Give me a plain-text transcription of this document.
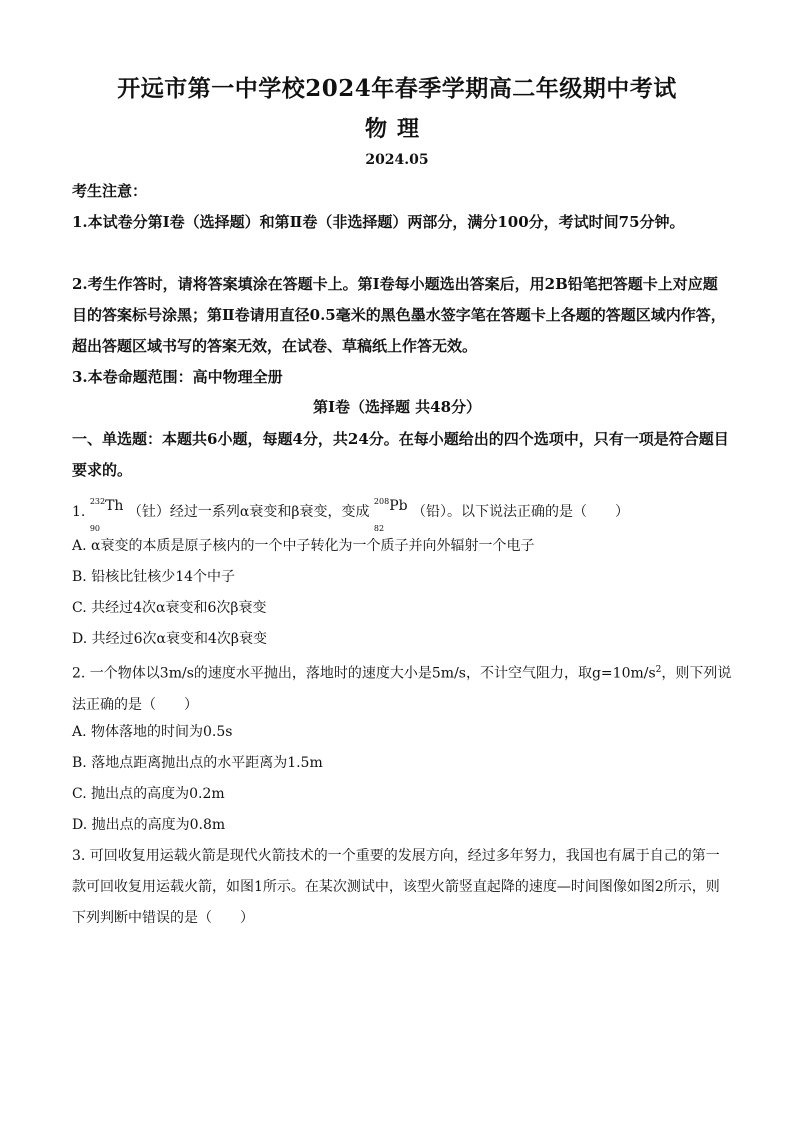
开远市第一中学校2024年春季学期高二年级期中考试
物理
2024.05
考生注意：
1.本试卷分第Ⅰ卷（选择题）和第Ⅱ卷（非选择题）两部分，满分100分，考试时间75分钟。
2.考生作答时，请将答案填涂在答题卡上。第Ⅰ卷每小题选出答案后，用2B铅笔把答题卡上对应题目的答案标号涂黑；第Ⅱ卷请用直径0.5毫米的黑色墨水签字笔在答题卡上各题的答题区域内作答，超出答题区域书写的答案无效，在试卷、草稿纸上作答无效。
3.本卷命题范围：高中物理全册
第Ⅰ卷（选择题 共48分）
一、单选题：本题共6小题，每题4分，共24分。在每小题给出的四个选项中，只有一项是符合题目要求的。
1. $^{232}$Th
90
（钍）经过一系列α衰变和β衰变，变成 $^{208}$Pb
82
（铅）。以下说法正确的是（　　）
A. α衰变的本质是原子核内的一个中子转化为一个质子并向外辐射一个电子
B. 铅核比钍核少14个中子
C. 共经过4次α衰变和6次β衰变
D. 共经过6次α衰变和4次β衰变
2. 一个物体以3m/s的速度水平抛出，落地时的速度大小是5m/s，不计空气阻力，取$g=10m/s^2$，则下列说法正确的是（　　）
A. 物体落地的时间为0.5s
B. 落地点距离抛出点的水平距离为1.5m
C. 抛出点的高度为0.2m
D. 抛出点的高度为0.8m
3. 可回收复用运载火箭是现代火箭技术的一个重要的发展方向，经过多年努力，我国也有属于自己的第一款可回收复用运载火箭，如图1所示。在某次测试中，该型火箭竖直起降的速度—时间图像如图2所示，则下列判断中错误的是（　　）
